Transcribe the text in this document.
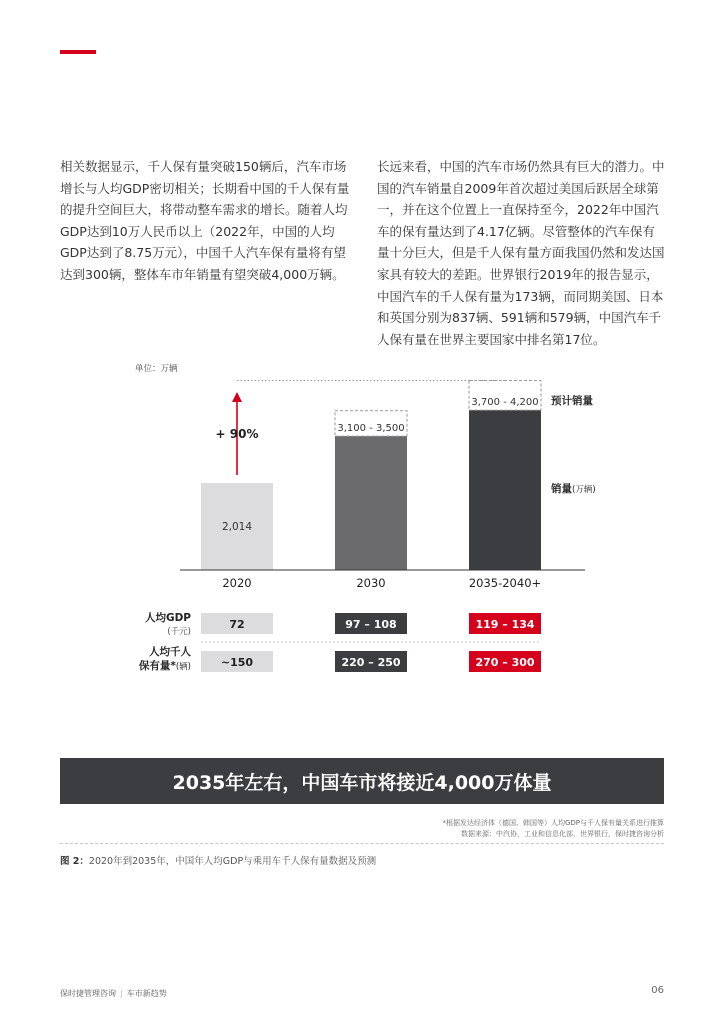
相关数据显示，千人保有量突破150辆后，汽车市场增长与人均GDP密切相关；长期看中国的千人保有量的提升空间巨大，将带动整车需求的增长。随着人均GDP达到10万人民币以上（2022年，中国的人均GDP达到了8.75万元），中国千人汽车保有量将有望达到300辆，整体车市年销量有望突破4,000万辆。

长远来看，中国的汽车市场仍然具有巨大的潜力。中国的汽车销量自2009年首次超过美国后跃居全球第一，并在这个位置上一直保持至今，2022年中国汽车的保有量达到了4.17亿辆。尽管整体的汽车保有量十分巨大，但是千人保有量方面我国仍然和发达国家具有较大的差距。世界银行2019年的报告显示，中国汽车的千人保有量为173辆，而同期美国、日本和英国分别为837辆、591辆和579辆，中国汽车千人保有量在世界主要国家中排名第17位。

单位：万辆
+ 90%
2,014
3,100 - 3,500
3,700 - 4,200 预计销量
销量(万辆)
2020	2030	2035-2040+
人均GDP
(千元)
72	97 – 108	119 – 134
人均千人
保有量*(辆)	~150	220 – 250	270 – 300
2035年左右，中国车市将接近4,000万体量
*根据发达经济体（德国、韩国等）人均GDP与千人保有量关系进行推算
数据来源：中汽协，工业和信息化部，世界银行，保时捷咨询分析
图 2：2020年到2035年，中国年人均GDP与乘用车千人保有量数据及预测
保时捷管理咨询 | 车市新趋势	06
